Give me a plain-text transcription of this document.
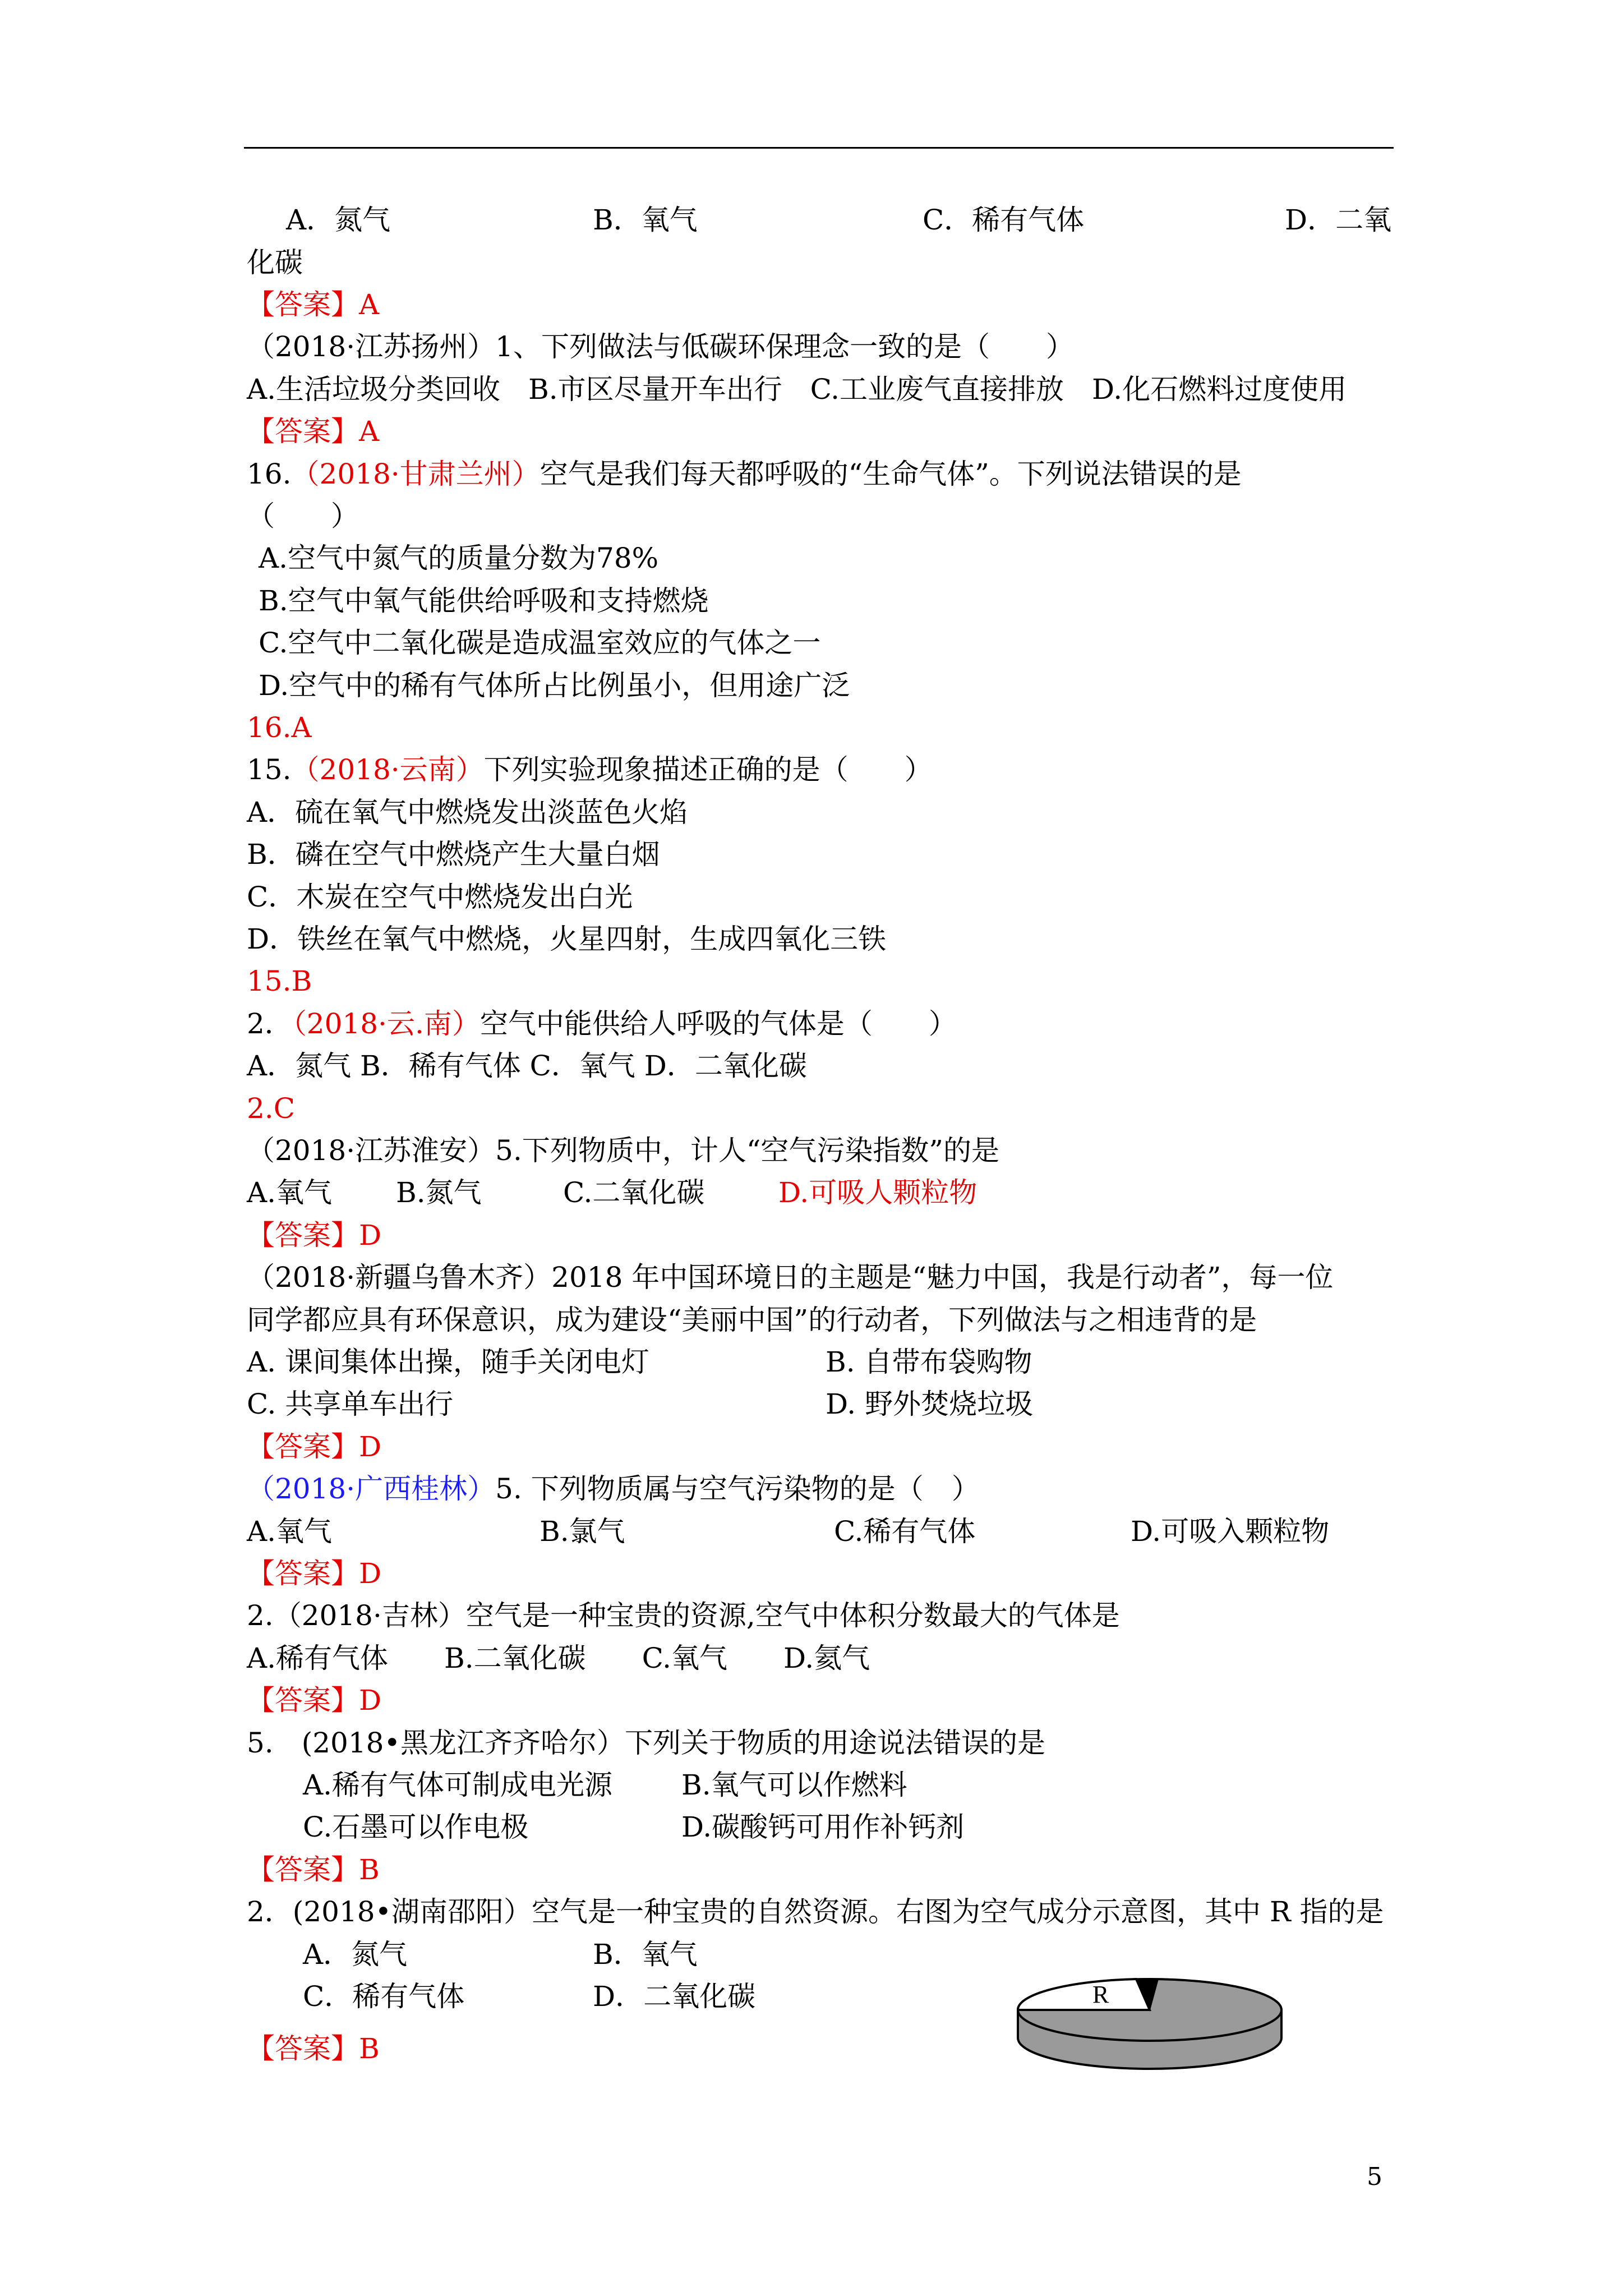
A．氮气	B．氧气	C．稀有气体	D．二氧
化碳
【答案】A
（2018·江苏扬州）1、下列做法与低碳环保理念一致的是（　　）
A.生活垃圾分类回收　B.市区尽量开车出行　C.工业废气直接排放　D.化石燃料过度使用
【答案】A
16.（2018·甘肃兰州）空气是我们每天都呼吸的“生命气体”。下列说法错误的是
（　　）
A.空气中氮气的质量分数为78%
B.空气中氧气能供给呼吸和支持燃烧
C.空气中二氧化碳是造成温室效应的气体之一
D.空气中的稀有气体所占比例虽小，但用途广泛
16.A
15.（2018·云南）下列实验现象描述正确的是（　　）
A．硫在氧气中燃烧发出淡蓝色火焰
B．磷在空气中燃烧产生大量白烟
C．木炭在空气中燃烧发出白光
D．铁丝在氧气中燃烧，火星四射，生成四氧化三铁
15.B
2．（2018·云.南）空气中能供给人呼吸的气体是（　　）
A．氮气 B．稀有气体 C．氧气 D．二氧化碳
2.C
（2018·江苏淮安）5.下列物质中，计人“空气污染指数”的是
A.氧气 B.氮气	C.二氧化碳	D.可吸人颗粒物
【答案】D
（2018·新疆乌鲁木齐）2018 年中国环境日的主题是“魅力中国，我是行动者”，每一位
同学都应具有环保意识，成为建设“美丽中国”的行动者，下列做法与之相违背的是
A. 课间集体出操，随手关闭电灯	B. 自带布袋购物
C. 共享单车出行	D. 野外焚烧垃圾
【答案】D
（2018·广西桂林）5. 下列物质属与空气污染物的是（　）
A.氧气	B.氯气	C.稀有气体	D.可吸入颗粒物
【答案】D
2.（2018·吉林）空气是一种宝贵的资源,空气中体积分数最大的气体是
A.稀有气体　　B.二氧化碳　　C.氧气　　D.氦气
【答案】D
5.　(2018•黑龙江齐齐哈尔）下列关于物质的用途说法错误的是
A.稀有气体可制成电光源 B.氧气可以作燃料
C.石墨可以作电极	D.碳酸钙可用作补钙剂
【答案】B
2．(2018•湖南邵阳）空气是一种宝贵的自然资源。右图为空气成分示意图，其中 R 指的是
A．氮气	B．氧气
C．稀有气体	D．二氧化碳
【答案】B
R
5
